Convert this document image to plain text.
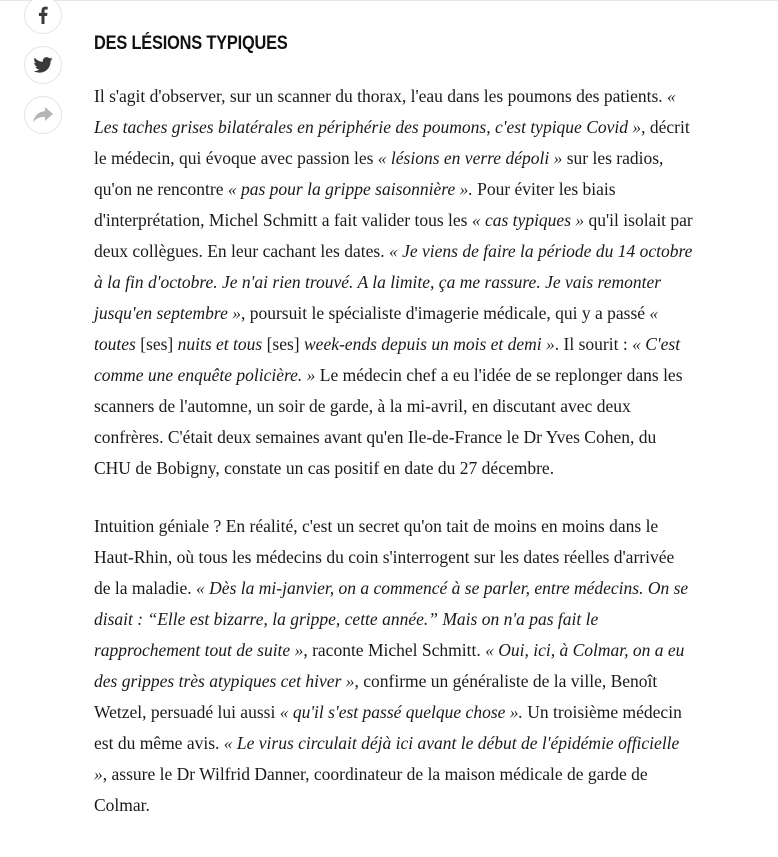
DES LÉSIONS TYPIQUES

Il s'agit d'observer, sur un scanner du thorax, l'eau dans les poumons des patients. « Les taches grises bilatérales en périphérie des poumons, c'est typique Covid », décrit le médecin, qui évoque avec passion les « lésions en verre dépoli » sur les radios, qu'on ne rencontre « pas pour la grippe saisonnière ». Pour éviter les biais d'interprétation, Michel Schmitt a fait valider tous les « cas typiques » qu'il isolait par deux collègues. En leur cachant les dates. « Je viens de faire la période du 14 octobre à la fin d'octobre. Je n'ai rien trouvé. A la limite, ça me rassure. Je vais remonter jusqu'en septembre », poursuit le spécialiste d'imagerie médicale, qui y a passé « toutes [ses] nuits et tous [ses] week-ends depuis un mois et demi ». Il sourit : « C'est comme une enquête policière. » Le médecin chef a eu l'idée de se replonger dans les scanners de l'automne, un soir de garde, à la mi-avril, en discutant avec deux confrères. C'était deux semaines avant qu'en Ile-de-France le Dr Yves Cohen, du CHU de Bobigny, constate un cas positif en date du 27 décembre.

Intuition géniale ? En réalité, c'est un secret qu'on tait de moins en moins dans le Haut-Rhin, où tous les médecins du coin s'interrogent sur les dates réelles d'arrivée de la maladie. « Dès la mi-janvier, on a commencé à se parler, entre médecins. On se disait : “Elle est bizarre, la grippe, cette année.” Mais on n'a pas fait le rapprochement tout de suite », raconte Michel Schmitt. « Oui, ici, à Colmar, on a eu des grippes très atypiques cet hiver », confirme un généraliste de la ville, Benoît Wetzel, persuadé lui aussi « qu'il s'est passé quelque chose ». Un troisième médecin est du même avis. « Le virus circulait déjà ici avant le début de l'épidémie officielle », assure le Dr Wilfrid Danner, coordinateur de la maison médicale de garde de Colmar.
